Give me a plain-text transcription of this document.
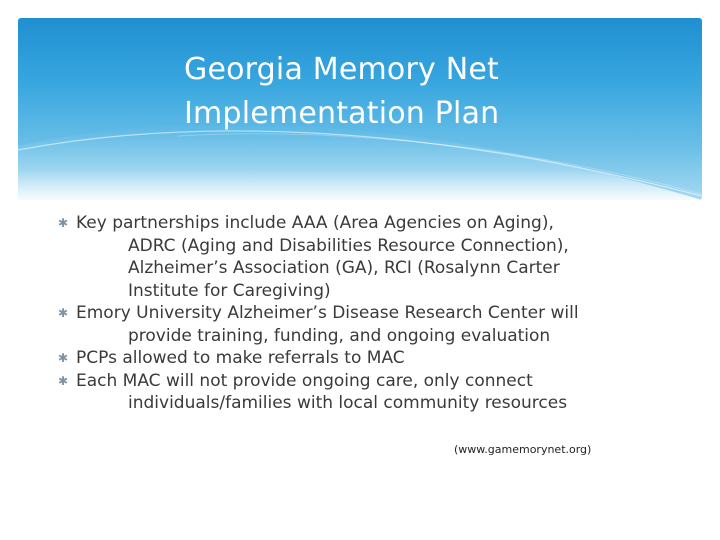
Georgia Memory Net
Implementation Plan
✱ Key partnerships include AAA (Area Agencies on Aging),
ADRC (Aging and Disabilities Resource Connection),
Alzheimer’s Association (GA), RCI (Rosalynn Carter
Institute for Caregiving)
✱ Emory University Alzheimer’s Disease Research Center will
provide training, funding, and ongoing evaluation
✱ PCPs allowed to make referrals to MAC
✱ Each MAC will not provide ongoing care, only connect
individuals/families with local community resources
(www.gamemorynet.org)
